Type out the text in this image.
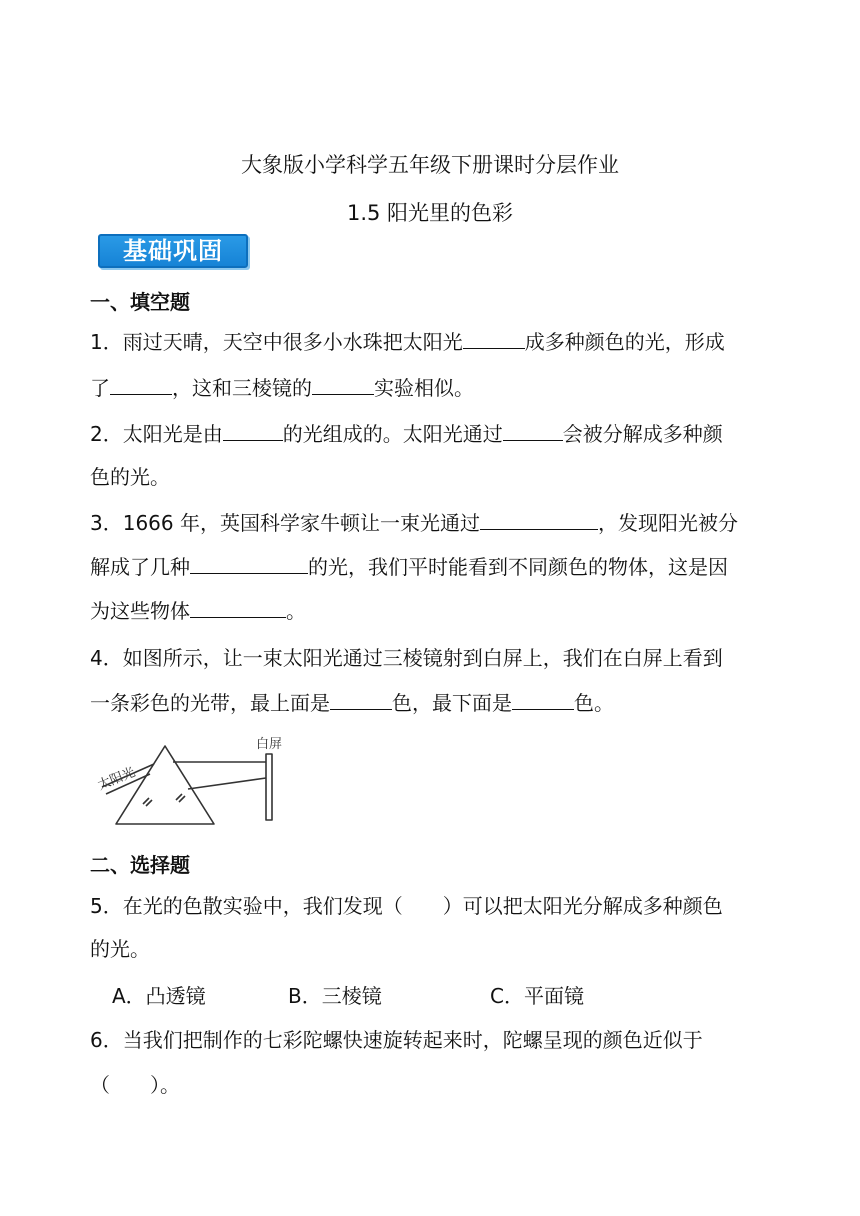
大象版小学科学五年级下册课时分层作业
1.5 阳光里的色彩
基础巩固
一、填空题
1．雨过天晴，天空中很多小水珠把太阳光	成多种颜色的光，形成
了	，这和三棱镜的	实验相似。
2．太阳光是由	的光组成的。太阳光通过	会被分解成多种颜
色的光。
3．1666 年，英国科学家牛顿让一束光通过	，发现阳光被分
解成了几种	的光，我们平时能看到不同颜色的物体，这是因
为这些物体	。
4．如图所示，让一束太阳光通过三棱镜射到白屏上，我们在白屏上看到
一条彩色的光带，最上面是	色，最下面是	色。
太阳光
白屏
二、选择题
5．在光的色散实验中，我们发现（　　）可以把太阳光分解成多种颜色
的光。
A．凸透镜	B．三棱镜	C．平面镜
6．当我们把制作的七彩陀螺快速旋转起来时，陀螺呈现的颜色近似于
（　　）。
